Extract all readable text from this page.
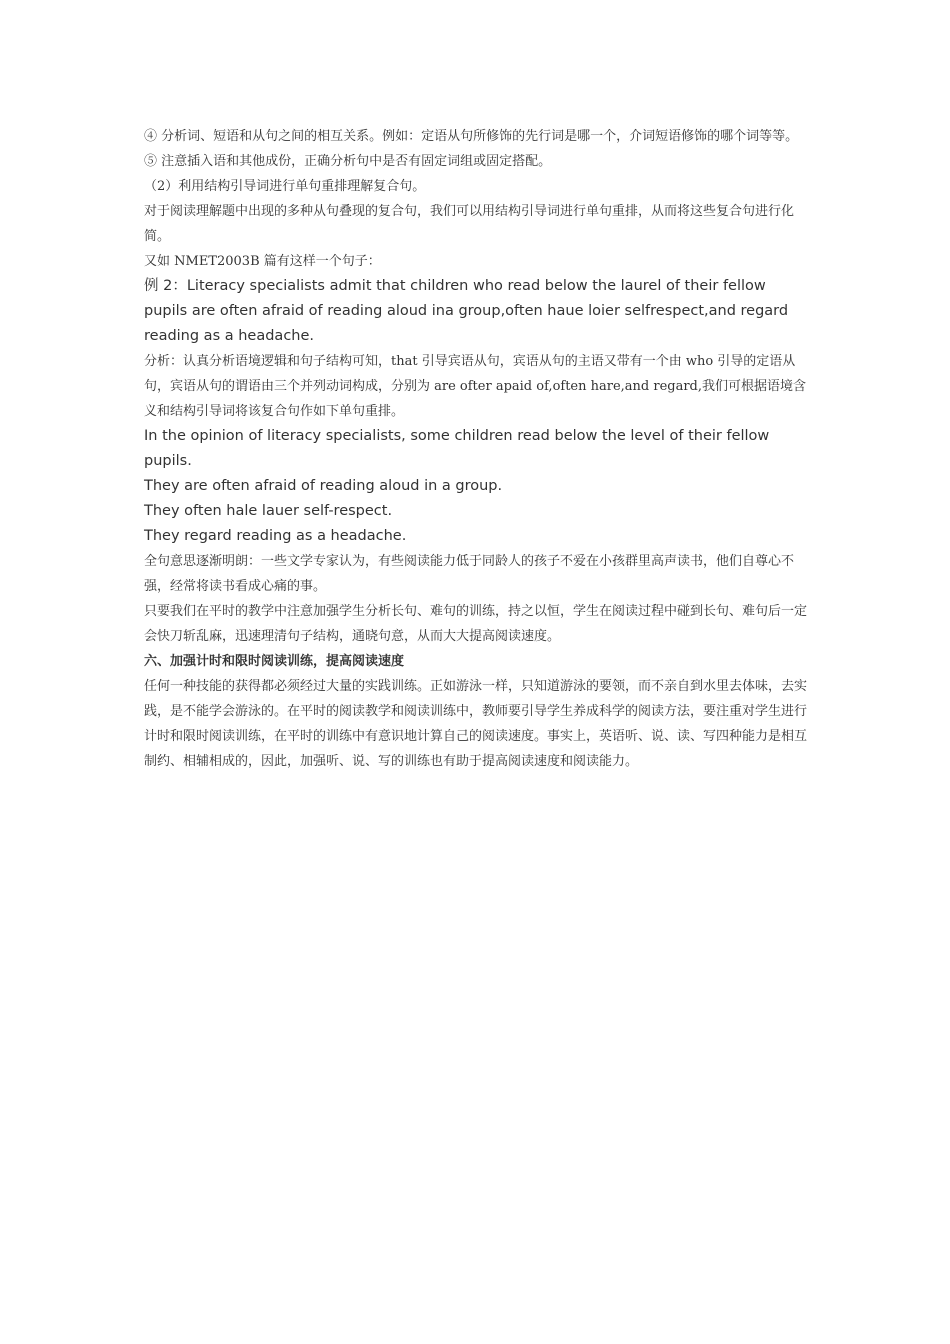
④ 分析词、短语和从句之间的相互关系。例如：定语从句所修饰的先行词是哪一个，介词短语修饰的哪个词等等。

⑤ 注意插入语和其他成份，正确分析句中是否有固定词组或固定搭配。

（2）利用结构引导词进行单句重排理解复合句。

对于阅读理解题中出现的多种从句叠现的复合句，我们可以用结构引导词进行单句重排，从而将这些复合句进行化简。

又如 NMET2003B 篇有这样一个句子：

例 2：Literacy specialists admit that children who read below the laurel of their fellow pupils are often afraid of reading aloud ina group,often haue loier selfrespect,and regard reading as a headache.

分析：认真分析语境逻辑和句子结构可知，that 引导宾语从句，宾语从句的主语又带有一个由 who 引导的定语从句，宾语从句的谓语由三个并列动词构成，分别为 are ofter apaid of,often hare,and regard,我们可根据语境含义和结构引导词将该复合句作如下单句重排。

In the opinion of literacy specialists, some children read below the level of their fellow pupils.

They are often afraid of reading aloud in a group.

They often hale lauer self-respect.

They regard reading as a headache.

全句意思逐渐明朗：一些文学专家认为，有些阅读能力低于同龄人的孩子不爱在小孩群里高声读书，他们自尊心不强，经常将读书看成心痛的事。

只要我们在平时的教学中注意加强学生分析长句、难句的训练，持之以恒，学生在阅读过程中碰到长句、难句后一定会快刀斩乱麻，迅速理清句子结构，通晓句意，从而大大提高阅读速度。

六、加强计时和限时阅读训练，提高阅读速度

任何一种技能的获得都必须经过大量的实践训练。正如游泳一样，只知道游泳的要领，而不亲自到水里去体味，去实践，是不能学会游泳的。在平时的阅读教学和阅读训练中，教师要引导学生养成科学的阅读方法，要注重对学生进行计时和限时阅读训练，在平时的训练中有意识地计算自己的阅读速度。事实上，英语听、说、读、写四种能力是相互制约、相辅相成的，因此，加强听、说、写的训练也有助于提高阅读速度和阅读能力。
